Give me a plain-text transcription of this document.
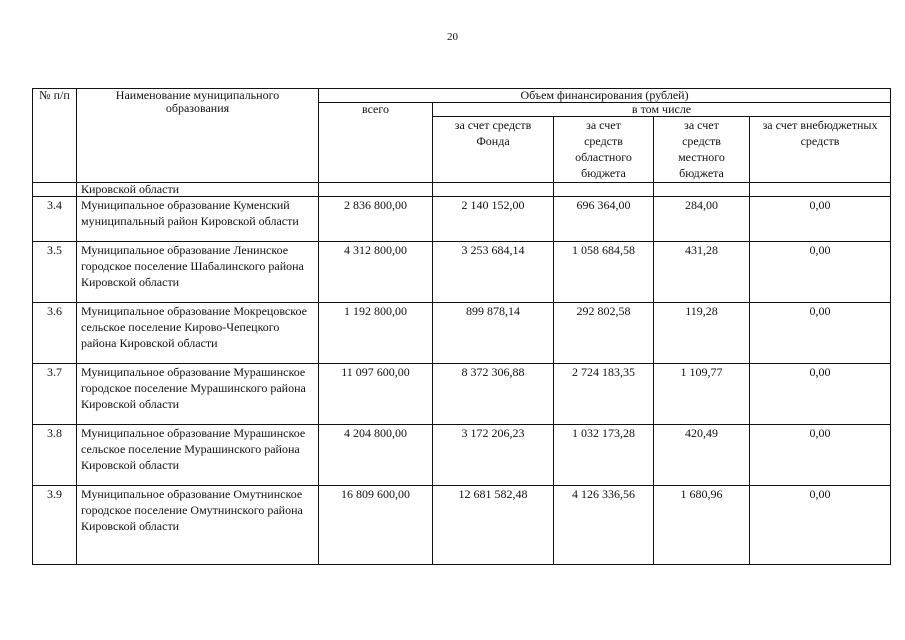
20
№ п/п	Наименование муниципального образования	Объем финансирования (рублей)				
		всего	в том числе			
			за счет средств Фонда	за счет средств областного бюджета	за счет средств местного бюджета	за счет внебюджетных средств
	Кировской области					
3.4	Муниципальное образование Куменский муниципальный район Кировской области	2 836 800,00	2 140 152,00	696 364,00	284,00	0,00
3.5	Муниципальное образование Ленинское городское поселение Шабалинского района Кировской области	4 312 800,00	3 253 684,14	1 058 684,58	431,28	0,00
3.6	Муниципальное образование Мокрецовское сельское поселение Кирово-Чепецкого района Кировской области	1 192 800,00	899 878,14	292 802,58	119,28	0,00
3.7	Муниципальное образование Мурашинское городское поселение Мурашинского района Кировской области	11 097 600,00	8 372 306,88	2 724 183,35	1 109,77	0,00
3.8	Муниципальное образование Мурашинское сельское поселение Мурашинского района Кировской области	4 204 800,00	3 172 206,23	1 032 173,28	420,49	0,00
3.9	Муниципальное образование Омутнинское городское поселение Омутнинского района Кировской области	16 809 600,00	12 681 582,48	4 126 336,56	1 680,96	0,00
